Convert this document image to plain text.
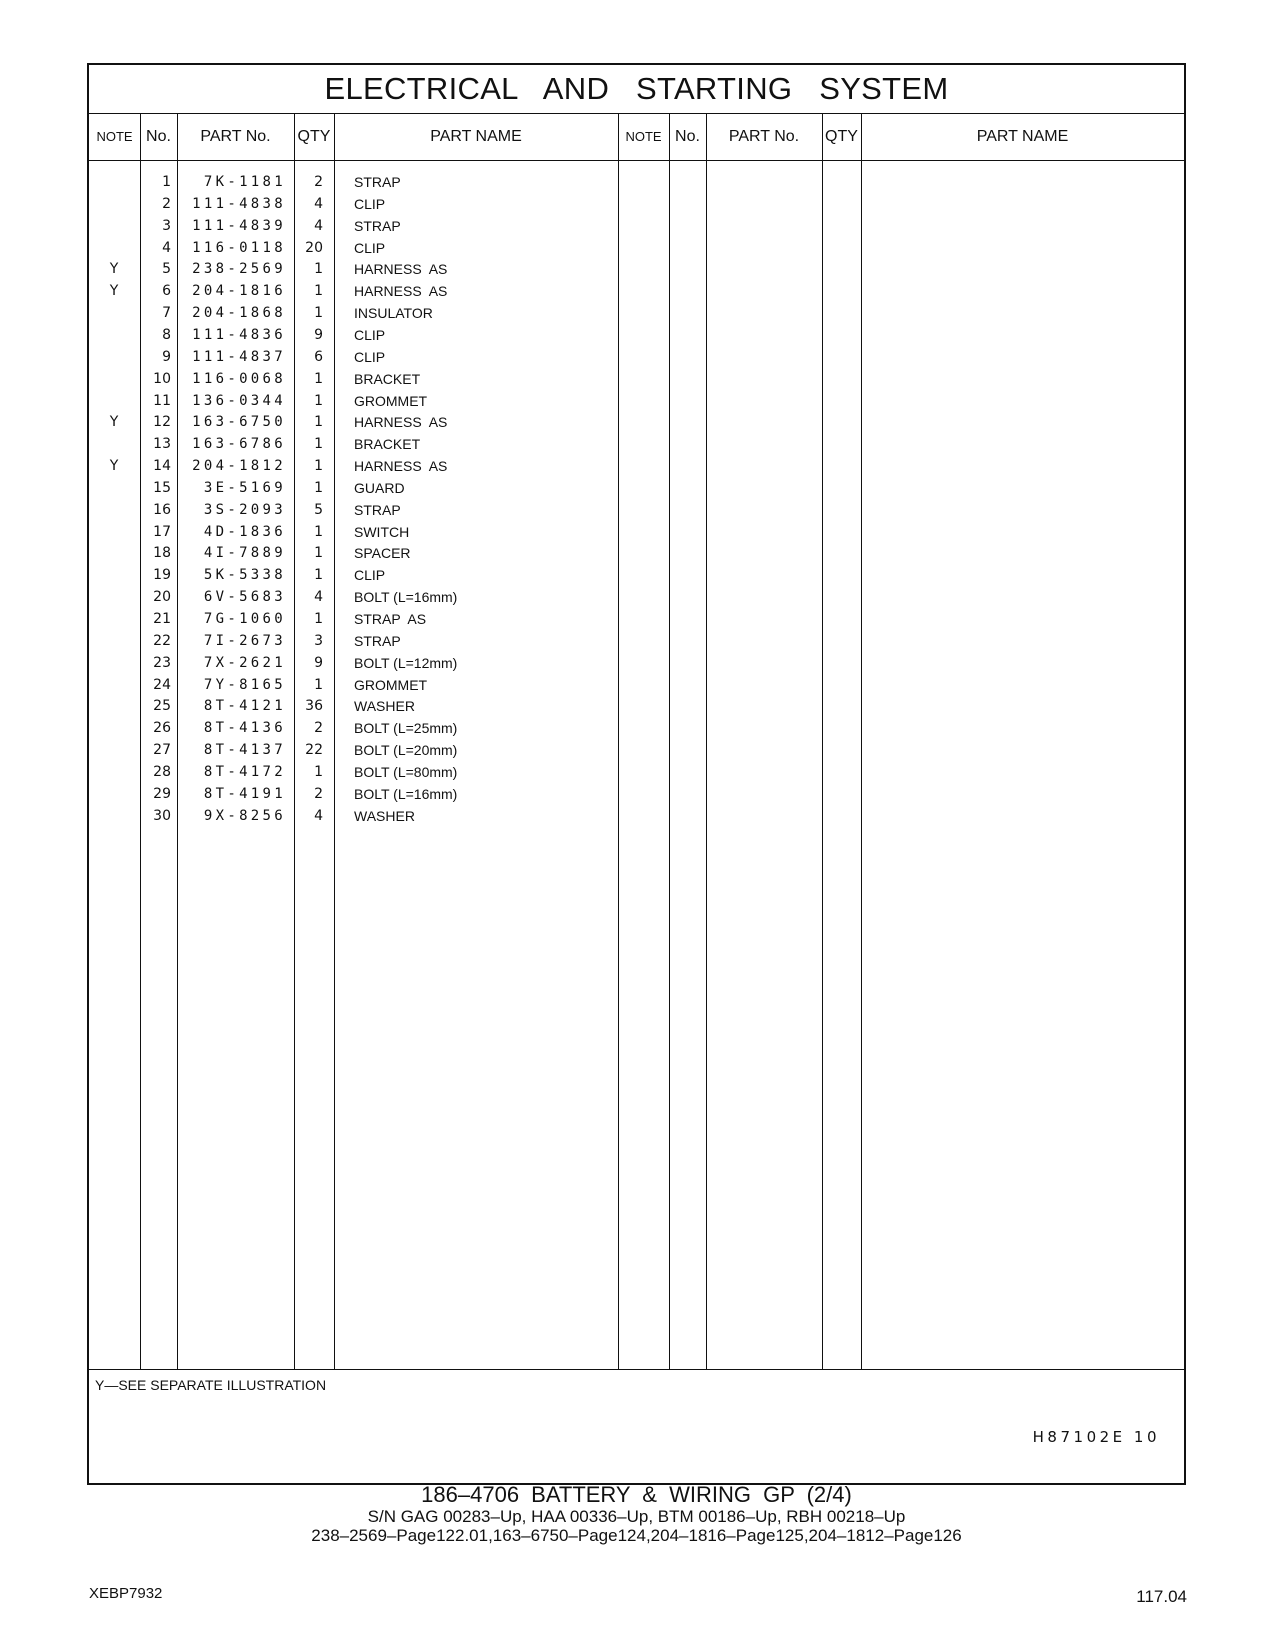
ELECTRICAL AND STARTING SYSTEM
NOTE No.	PART No.	QTY	PART NAME	NOTE No.	PART No.	QTY	PART NAME
1	7K-1181	2 STRAP
2	111-4838	4 CLIP
3	111-4839	4 STRAP
4	116-0118	20 CLIP
Y	5	238-2569	1 HARNESS  AS
Y	6	204-1816	1 HARNESS  AS
7	204-1868	1 INSULATOR
8	111-4836	9 CLIP
9	111-4837	6 CLIP
10	116-0068	1 BRACKET
11	136-0344	1 GROMMET
Y	12	163-6750	1 HARNESS  AS
13	163-6786	1 BRACKET
Y	14	204-1812	1 HARNESS  AS
15	3E-5169	1 GUARD
16	3S-2093	5 STRAP
17	4D-1836	1 SWITCH
18	4I-7889	1 SPACER
19	5K-5338	1 CLIP
20	6V-5683	4 BOLT (L=16mm)
21	7G-1060	1 STRAP  AS
22	7I-2673	3 STRAP
23	7X-2621	9 BOLT (L=12mm)
24	7Y-8165	1 GROMMET
25	8T-4121	36 WASHER
26	8T-4136	2 BOLT (L=25mm)
27	8T-4137	22 BOLT (L=20mm)
28	8T-4172	1 BOLT (L=80mm)
29	8T-4191	2 BOLT (L=16mm)
30	9X-8256	4 WASHER
Y—SEE SEPARATE ILLUSTRATION
H87102E 10
186–4706 BATTERY & WIRING GP (2/4)
S/N GAG 00283–Up, HAA 00336–Up, BTM 00186–Up, RBH 00218–Up
238–2569–Page122.01,163–6750–Page124,204–1816–Page125,204–1812–Page126
XEBP7932	117.04
